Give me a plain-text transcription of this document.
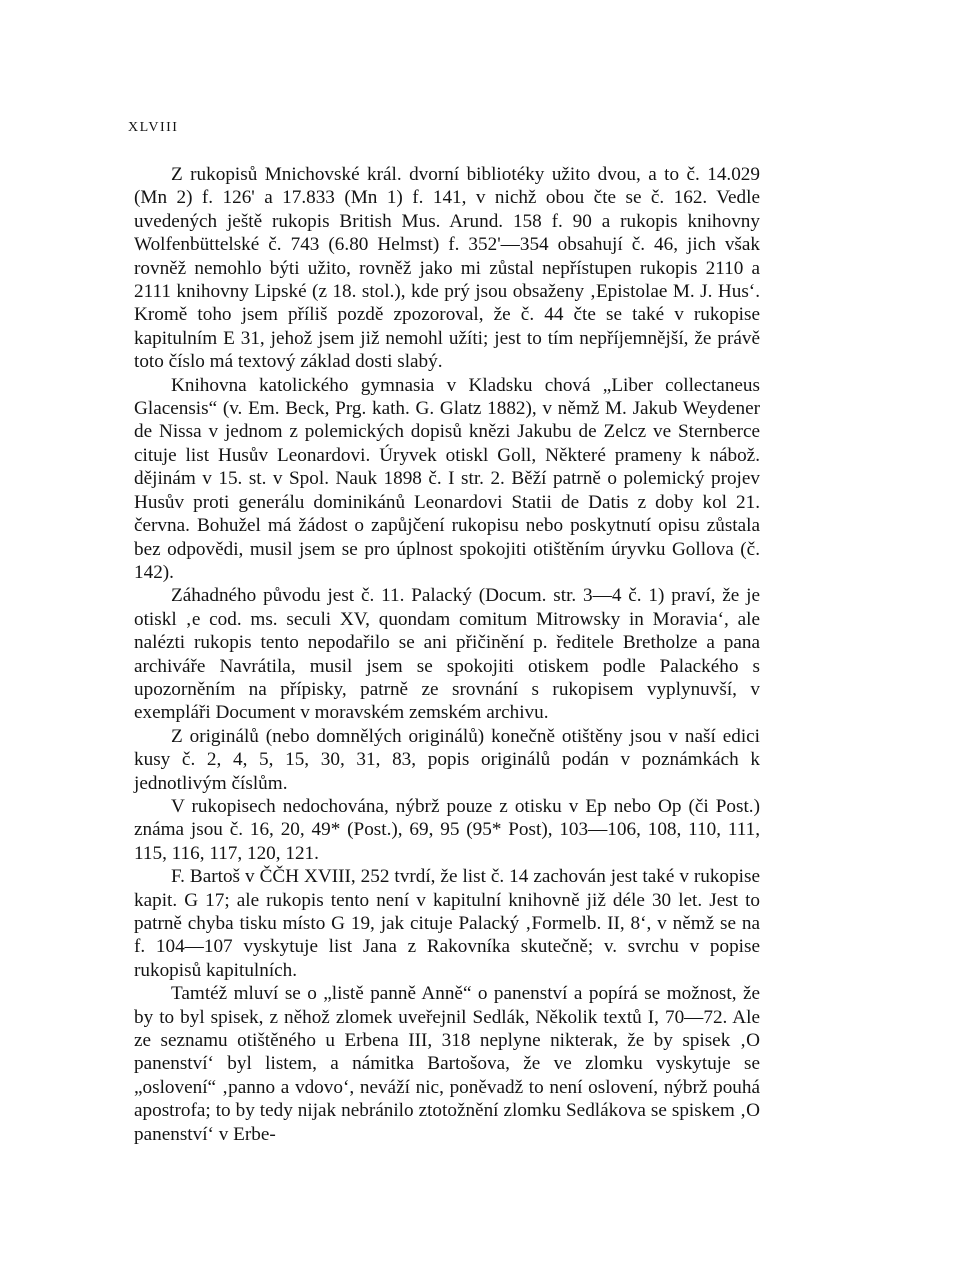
XLVIII

Z rukopisů Mnichovské král. dvorní bibliotéky užito dvou, a to č. 14.029 (Mn 2) f. 126' a 17.833 (Mn 1) f. 141, v nichž obou čte se č. 162. Vedle uvedených ještě rukopis British Mus. Arund. 158 f. 90 a rukopis knihovny Wolfenbüttelské č. 743 (6.80 Helmst) f. 352'—354 obsahují č. 46, jich však rovněž nemohlo býti užito, rovněž jako mi zůstal nepřístupen rukopis 2110 a 2111 knihovny Lipské (z 18. stol.), kde prý jsou obsaženy ‚Epistolae M. J. Hus‘. Kromě toho jsem příliš pozdě zpozoroval, že č. 44 čte se také v rukopise kapitulním E 31, jehož jsem již nemohl užíti; jest to tím nepříjemnější, že právě toto číslo má textový základ dosti slabý.

Knihovna katolického gymnasia v Kladsku chová „Liber collectaneus Glacensis“ (v. Em. Beck, Prg. kath. G. Glatz 1882), v němž M. Jakub Weydener de Nissa v jednom z polemických dopisů knězi Jakubu de Zelcz ve Sternberce cituje list Husův Leonardovi. Úryvek otiskl Goll, Některé prameny k nábož. dějinám v 15. st. v Spol. Nauk 1898 č. I str. 2. Běží patrně o polemický projev Husův proti generálu dominikánů Leonardovi Statii de Datis z doby kol 21. června. Bohužel má žádost o zapůjčení rukopisu nebo poskytnutí opisu zůstala bez odpovědi, musil jsem se pro úplnost spokojiti otištěním úryvku Gollova (č. 142).

Záhadného původu jest č. 11. Palacký (Docum. str. 3—4 č. 1) praví, že je otiskl ‚e cod. ms. seculi XV, quondam comitum Mitrowsky in Moravia‘, ale nalézti rukopis tento nepodařilo se ani přičinění p. ředitele Bretholze a pana archiváře Navrátila, musil jsem se spokojiti otiskem podle Palackého s upozorněním na přípisky, patrně ze srovnání s rukopisem vyplynuvší, v exempláři Document v moravském zemském archivu.

Z originálů (nebo domnělých originálů) konečně otištěny jsou v naší edici kusy č. 2, 4, 5, 15, 30, 31, 83, popis originálů podán v poznámkách k jednotlivým číslům.

V rukopisech nedochována, nýbrž pouze z otisku v Ep nebo Op (či Post.) známa jsou č. 16, 20, 49* (Post.), 69, 95 (95* Post), 103—106, 108, 110, 111, 115, 116, 117, 120, 121.

F. Bartoš v ČČH XVIII, 252 tvrdí, že list č. 14 zachován jest také v rukopise kapit. G 17; ale rukopis tento není v kapitulní knihovně již déle 30 let. Jest to patrně chyba tisku místo G 19, jak cituje Palacký ‚Formelb. II, 8‘, v němž se na f. 104—107 vyskytuje list Jana z Rakovníka skutečně; v. svrchu v popise rukopisů kapitulních.

Tamtéž mluví se o „listě panně Anně“ o panenství a popírá se možnost, že by to byl spisek, z něhož zlomek uveřejnil Sedlák, Několik textů I, 70—72. Ale ze seznamu otištěného u Erbena III, 318 neplyne nikterak, že by spisek ‚O panenství‘ byl listem, a námitka Bartošova, že ve zlomku vyskytuje se „oslovení“ ‚panno a vdovo‘, neváží nic, poněvadž to není oslovení, nýbrž pouhá apostrofa; to by tedy nijak nebránilo ztotožnění zlomku Sedlákova se spiskem ‚O panenství‘ v Erbe-
